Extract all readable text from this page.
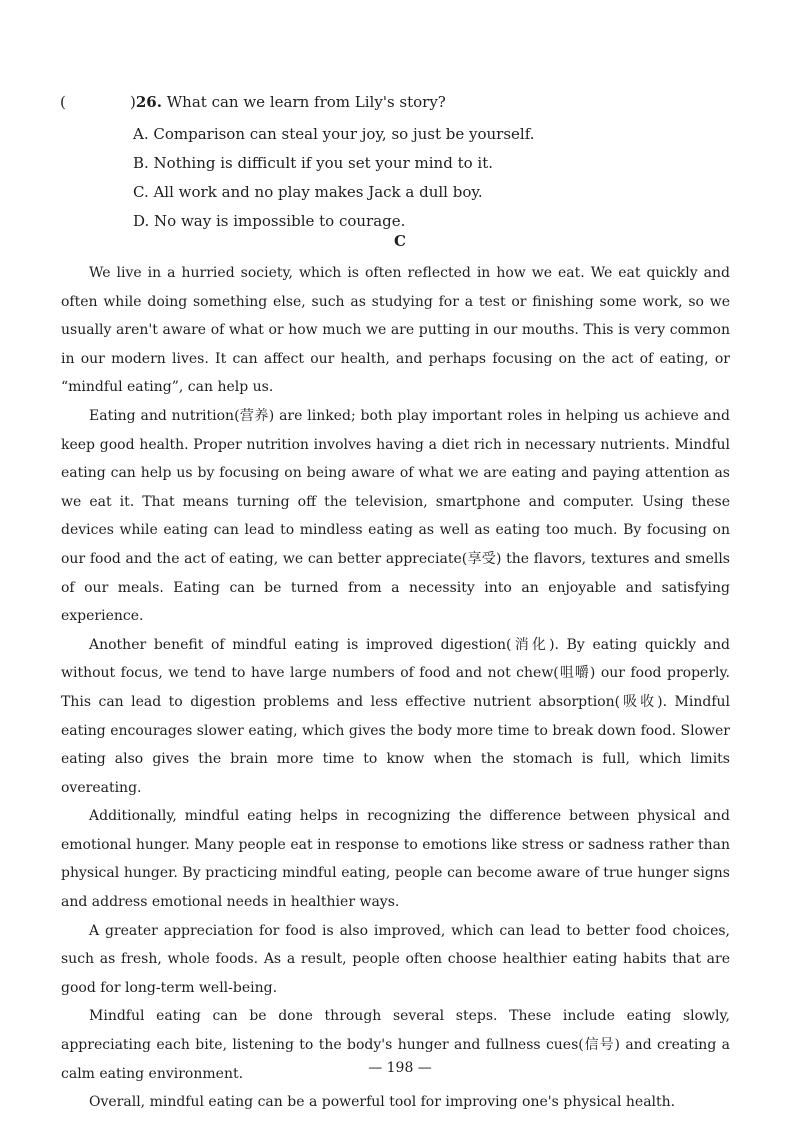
(	)26. What can we learn from Lily's story?
A. Comparison can steal your joy, so just be yourself.
B. Nothing is difficult if you set your mind to it.
C. All work and no play makes Jack a dull boy.
D. No way is impossible to courage.
C

We live in a hurried society, which is often reflected in how we eat. We eat quickly and often while doing something else, such as studying for a test or finishing some work, so we usually aren't aware of what or how much we are putting in our mouths. This is very common in our modern lives. It can affect our health, and perhaps focusing on the act of eating, or “mindful eating”, can help us.

Eating and nutrition(营养) are linked; both play important roles in helping us achieve and keep good health. Proper nutrition involves having a diet rich in necessary nutrients. Mindful eating can help us by focusing on being aware of what we are eating and paying attention as we eat it. That means turning off the television, smartphone and computer. Using these devices while eating can lead to mindless eating as well as eating too much. By focusing on our food and the act of eating, we can better appreciate(享受) the flavors, textures and smells of our meals. Eating can be turned from a necessity into an enjoyable and satisfying experience.

Another benefit of mindful eating is improved digestion(消化). By eating quickly and without focus, we tend to have large numbers of food and not chew(咀嚼) our food properly. This can lead to digestion problems and less effective nutrient absorption(吸收). Mindful eating encourages slower eating, which gives the body more time to break down food. Slower eating also gives the brain more time to know when the stomach is full, which limits overeating.

Additionally, mindful eating helps in recognizing the difference between physical and emotional hunger. Many people eat in response to emotions like stress or sadness rather than physical hunger. By practicing mindful eating, people can become aware of true hunger signs and address emotional needs in healthier ways.

A greater appreciation for food is also improved, which can lead to better food choices, such as fresh, whole foods. As a result, people often choose healthier eating habits that are good for long-term well-being.

Mindful eating can be done through several steps. These include eating slowly, appreciating each bite, listening to the body's hunger and fullness cues(信号) and creating a calm eating environment.

Overall, mindful eating can be a powerful tool for improving one's physical health.

— 198 —
